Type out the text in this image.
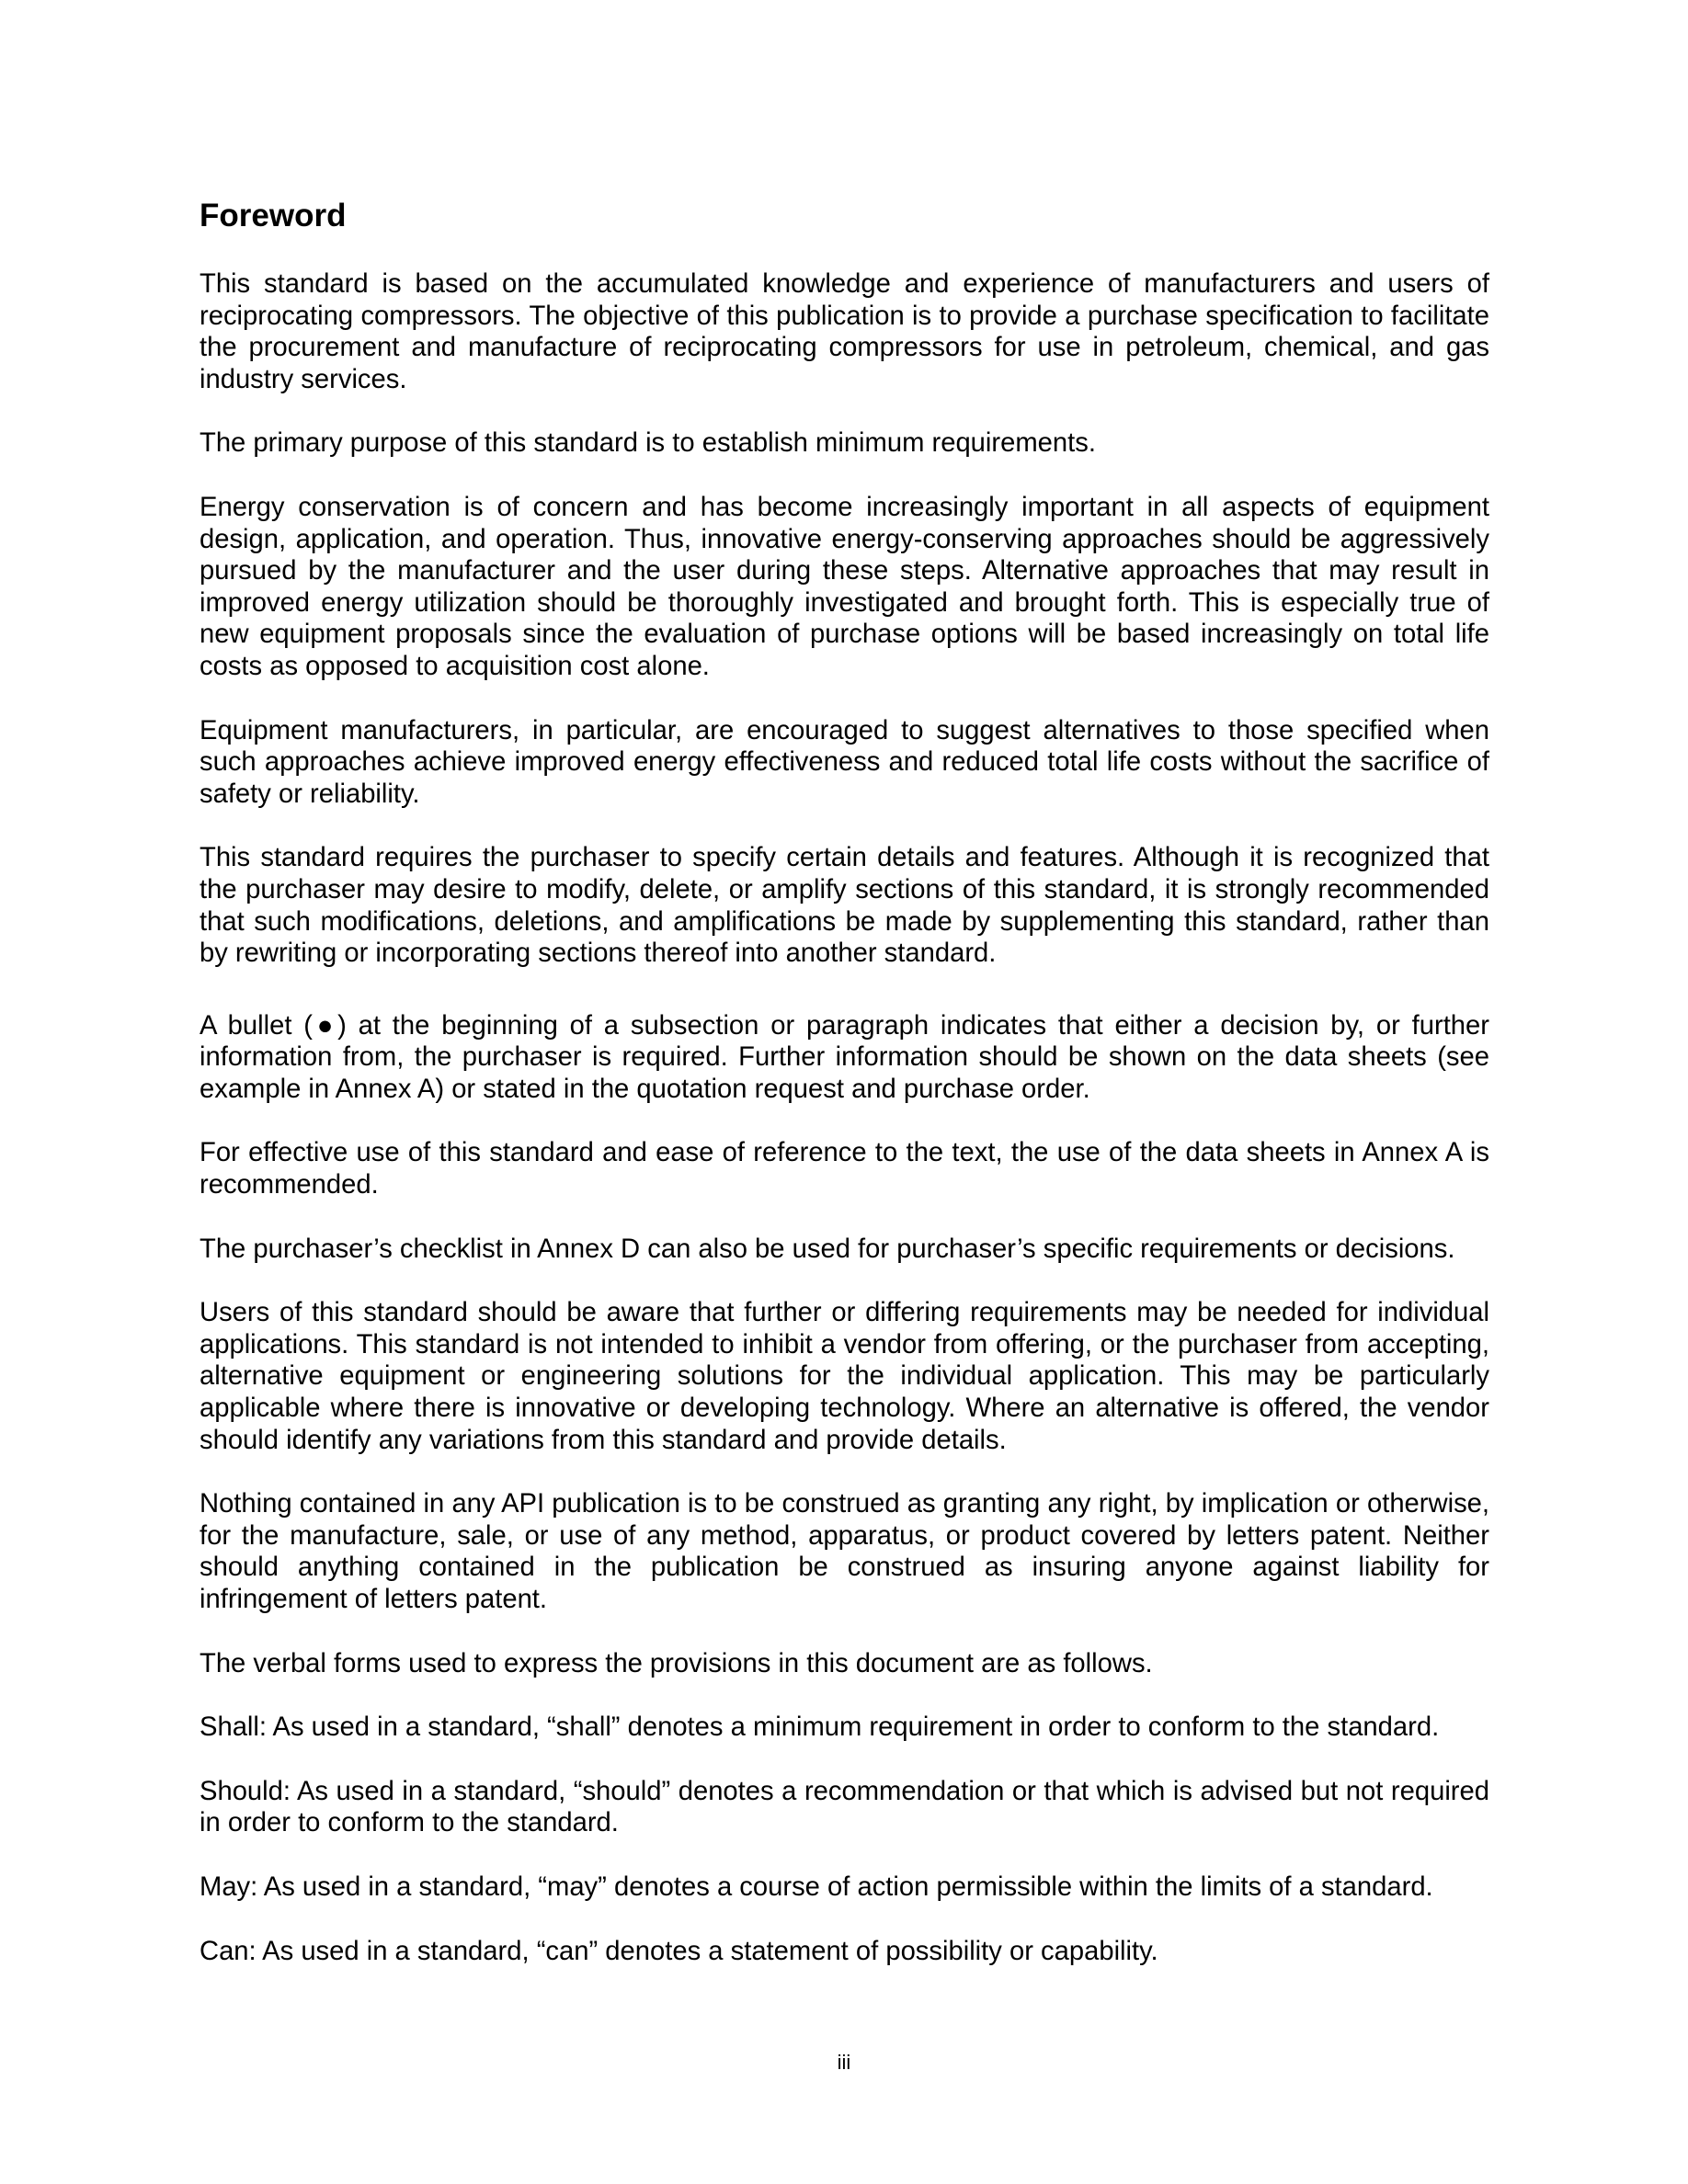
Foreword

This standard is based on the accumulated knowledge and experience of manufacturers and users of reciprocating compressors. The objective of this publication is to provide a purchase specification to facilitate the procurement and manufacture of reciprocating compressors for use in petroleum, chemical, and gas industry services.

The primary purpose of this standard is to establish minimum requirements.

Energy conservation is of concern and has become increasingly important in all aspects of equipment design, application, and operation. Thus, innovative energy-conserving approaches should be aggressively pursued by the manufacturer and the user during these steps. Alternative approaches that may result in improved energy utilization should be thoroughly investigated and brought forth. This is especially true of new equipment proposals since the evaluation of purchase options will be based increasingly on total life costs as opposed to acquisition cost alone.

Equipment manufacturers, in particular, are encouraged to suggest alternatives to those specified when such approaches achieve improved energy effectiveness and reduced total life costs without the sacrifice of safety or reliability.

This standard requires the purchaser to specify certain details and features. Although it is recognized that the purchaser may desire to modify, delete, or amplify sections of this standard, it is strongly recommended that such modifications, deletions, and amplifications be made by supplementing this standard, rather than by rewriting or incorporating sections thereof into another standard.

A bullet (●) at the beginning of a subsection or paragraph indicates that either a decision by, or further information from, the purchaser is required. Further information should be shown on the data sheets (see example in Annex A) or stated in the quotation request and purchase order.

For effective use of this standard and ease of reference to the text, the use of the data sheets in Annex A is recommended.

The purchaser’s checklist in Annex D can also be used for purchaser’s specific requirements or decisions.

Users of this standard should be aware that further or differing requirements may be needed for individual applications. This standard is not intended to inhibit a vendor from offering, or the purchaser from accepting, alternative equipment or engineering solutions for the individual application. This may be particularly applicable where there is innovative or developing technology. Where an alternative is offered, the vendor should identify any variations from this standard and provide details.

Nothing contained in any API publication is to be construed as granting any right, by implication or otherwise, for the manufacture, sale, or use of any method, apparatus, or product covered by letters patent. Neither should anything contained in the publication be construed as insuring anyone against liability for infringement of letters patent.

The verbal forms used to express the provisions in this document are as follows.

Shall: As used in a standard, “shall” denotes a minimum requirement in order to conform to the standard.

Should: As used in a standard, “should” denotes a recommendation or that which is advised but not required in order to conform to the standard.

May: As used in a standard, “may” denotes a course of action permissible within the limits of a standard.

Can: As used in a standard, “can” denotes a statement of possibility or capability.

iii
